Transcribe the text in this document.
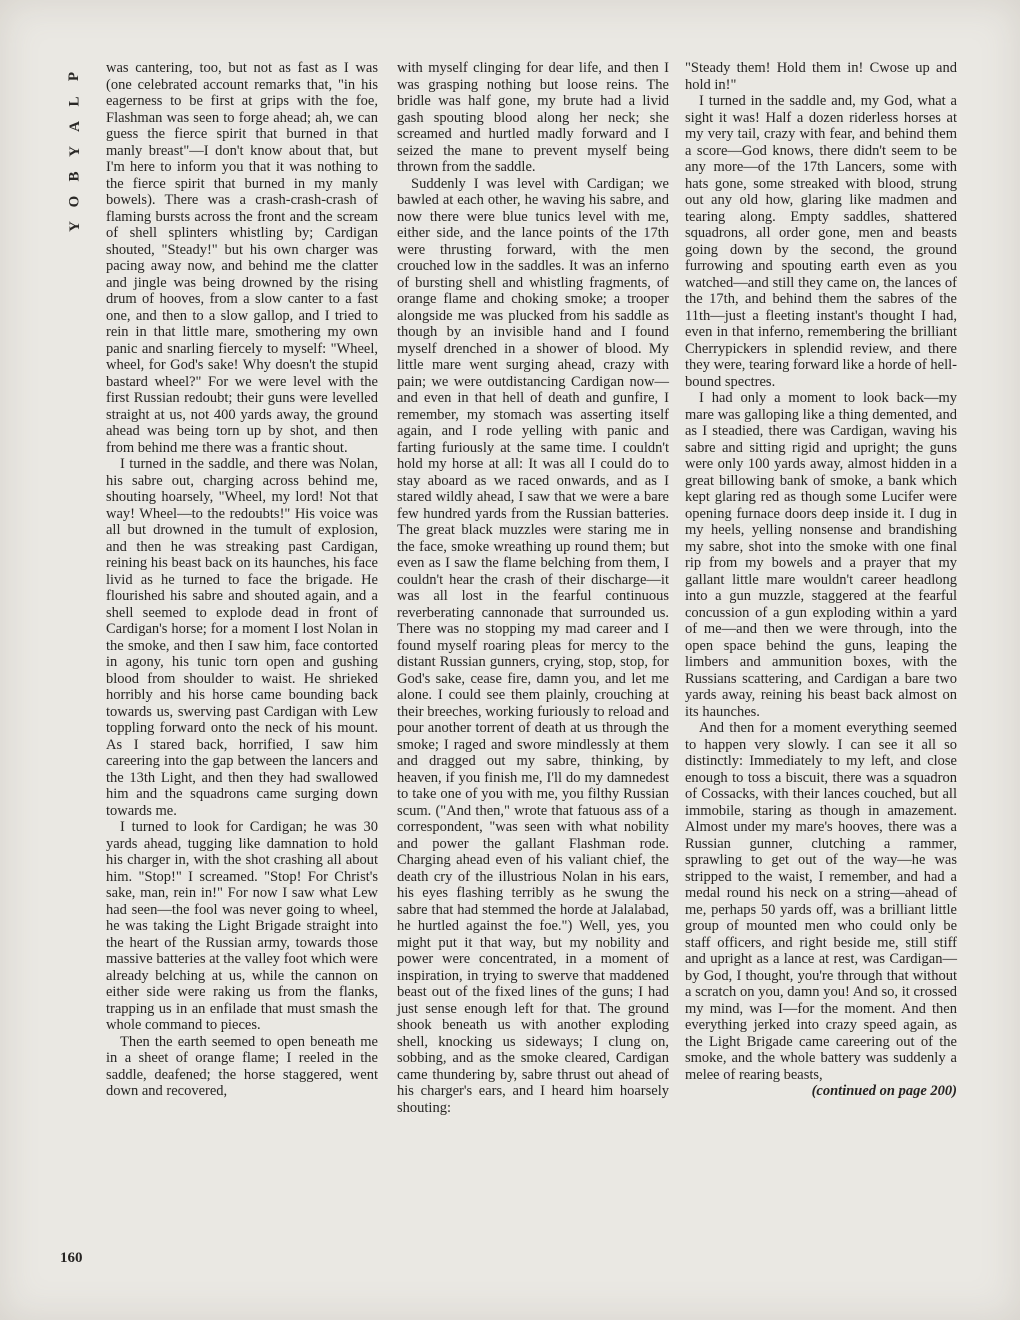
P
L
A
Y
B
O
Y

was cantering, too, but not as fast as I was (one celebrated account remarks that, "in his eagerness to be first at grips with the foe, Flashman was seen to forge ahead; ah, we can guess the fierce spirit that burned in that manly breast"—I don't know about that, but I'm here to inform you that it was nothing to the fierce spirit that burned in my manly bowels). There was a crash-crash-crash of flaming bursts across the front and the scream of shell splinters whistling by; Cardigan shouted, "Steady!" but his own charger was pacing away now, and behind me the clatter and jingle was being drowned by the rising drum of hooves, from a slow canter to a fast one, and then to a slow gallop, and I tried to rein in that little mare, smothering my own panic and snarling fiercely to myself: "Wheel, wheel, for God's sake! Why doesn't the stupid bastard wheel?" For we were level with the first Russian redoubt; their guns were levelled straight at us, not 400 yards away, the ground ahead was being torn up by shot, and then from behind me there was a frantic shout.

I turned in the saddle, and there was Nolan, his sabre out, charging across behind me, shouting hoarsely, "Wheel, my lord! Not that way! Wheel—to the redoubts!" His voice was all but drowned in the tumult of explosion, and then he was streaking past Cardigan, reining his beast back on its haunches, his face livid as he turned to face the brigade. He flourished his sabre and shouted again, and a shell seemed to explode dead in front of Cardigan's horse; for a moment I lost Nolan in the smoke, and then I saw him, face contorted in agony, his tunic torn open and gushing blood from shoulder to waist. He shrieked horribly and his horse came bounding back towards us, swerving past Cardigan with Lew toppling forward onto the neck of his mount. As I stared back, horrified, I saw him careering into the gap between the lancers and the 13th Light, and then they had swallowed him and the squadrons came surging down towards me.

I turned to look for Cardigan; he was 30 yards ahead, tugging like damnation to hold his charger in, with the shot crashing all about him. "Stop!" I screamed. "Stop! For Christ's sake, man, rein in!" For now I saw what Lew had seen—the fool was never going to wheel, he was taking the Light Brigade straight into the heart of the Russian army, towards those massive batteries at the valley foot which were already belching at us, while the cannon on either side were raking us from the flanks, trapping us in an enfilade that must smash the whole command to pieces.

Then the earth seemed to open beneath me in a sheet of orange flame; I reeled in the saddle, deafened; the horse staggered, went down and recovered,

with myself clinging for dear life, and then I was grasping nothing but loose reins. The bridle was half gone, my brute had a livid gash spouting blood along her neck; she screamed and hurtled madly forward and I seized the mane to prevent myself being thrown from the saddle.

Suddenly I was level with Cardigan; we bawled at each other, he waving his sabre, and now there were blue tunics level with me, either side, and the lance points of the 17th were thrusting forward, with the men crouched low in the saddles. It was an inferno of bursting shell and whistling fragments, of orange flame and choking smoke; a trooper alongside me was plucked from his saddle as though by an invisible hand and I found myself drenched in a shower of blood. My little mare went surging ahead, crazy with pain; we were outdistancing Cardigan now—and even in that hell of death and gunfire, I remember, my stomach was asserting itself again, and I rode yelling with panic and farting furiously at the same time. I couldn't hold my horse at all: It was all I could do to stay aboard as we raced onwards, and as I stared wildly ahead, I saw that we were a bare few hundred yards from the Russian batteries. The great black muzzles were staring me in the face, smoke wreathing up round them; but even as I saw the flame belching from them, I couldn't hear the crash of their discharge—it was all lost in the fearful continuous reverberating cannonade that surrounded us. There was no stopping my mad career and I found myself roaring pleas for mercy to the distant Russian gunners, crying, stop, stop, for God's sake, cease fire, damn you, and let me alone. I could see them plainly, crouching at their breeches, working furiously to reload and pour another torrent of death at us through the smoke; I raged and swore mindlessly at them and dragged out my sabre, thinking, by heaven, if you finish me, I'll do my damnedest to take one of you with me, you filthy Russian scum. ("And then," wrote that fatuous ass of a correspondent, "was seen with what nobility and power the gallant Flashman rode. Charging ahead even of his valiant chief, the death cry of the illustrious Nolan in his ears, his eyes flashing terribly as he swung the sabre that had stemmed the horde at Jalalabad, he hurtled against the foe.") Well, yes, you might put it that way, but my nobility and power were concentrated, in a moment of inspiration, in trying to swerve that maddened beast out of the fixed lines of the guns; I had just sense enough left for that. The ground shook beneath us with another exploding shell, knocking us sideways; I clung on, sobbing, and as the smoke cleared, Cardigan came thundering by, sabre thrust out ahead of his charger's ears, and I heard him hoarsely shouting:

"Steady them! Hold them in! Cwose up and hold in!"

I turned in the saddle and, my God, what a sight it was! Half a dozen riderless horses at my very tail, crazy with fear, and behind them a score—God knows, there didn't seem to be any more—of the 17th Lancers, some with hats gone, some streaked with blood, strung out any old how, glaring like madmen and tearing along. Empty saddles, shattered squadrons, all order gone, men and beasts going down by the second, the ground furrowing and spouting earth even as you watched—and still they came on, the lances of the 17th, and behind them the sabres of the 11th—just a fleeting instant's thought I had, even in that inferno, remembering the brilliant Cherrypickers in splendid review, and there they were, tearing forward like a horde of hell-bound spectres.

I had only a moment to look back—my mare was galloping like a thing demented, and as I steadied, there was Cardigan, waving his sabre and sitting rigid and upright; the guns were only 100 yards away, almost hidden in a great billowing bank of smoke, a bank which kept glaring red as though some Lucifer were opening furnace doors deep inside it. I dug in my heels, yelling nonsense and brandishing my sabre, shot into the smoke with one final rip from my bowels and a prayer that my gallant little mare wouldn't career headlong into a gun muzzle, staggered at the fearful concussion of a gun exploding within a yard of me—and then we were through, into the open space behind the guns, leaping the limbers and ammunition boxes, with the Russians scattering, and Cardigan a bare two yards away, reining his beast back almost on its haunches.

And then for a moment everything seemed to happen very slowly. I can see it all so distinctly: Immediately to my left, and close enough to toss a biscuit, there was a squadron of Cossacks, with their lances couched, but all immobile, staring as though in amazement. Almost under my mare's hooves, there was a Russian gunner, clutching a rammer, sprawling to get out of the way—he was stripped to the waist, I remember, and had a medal round his neck on a string—ahead of me, perhaps 50 yards off, was a brilliant little group of mounted men who could only be staff officers, and right beside me, still stiff and upright as a lance at rest, was Cardigan—by God, I thought, you're through that without a scratch on you, damn you! And so, it crossed my mind, was I—for the moment. And then everything jerked into crazy speed again, as the Light Brigade came careering out of the smoke, and the whole battery was suddenly a melee of rearing beasts,

(continued on page 200)

160
